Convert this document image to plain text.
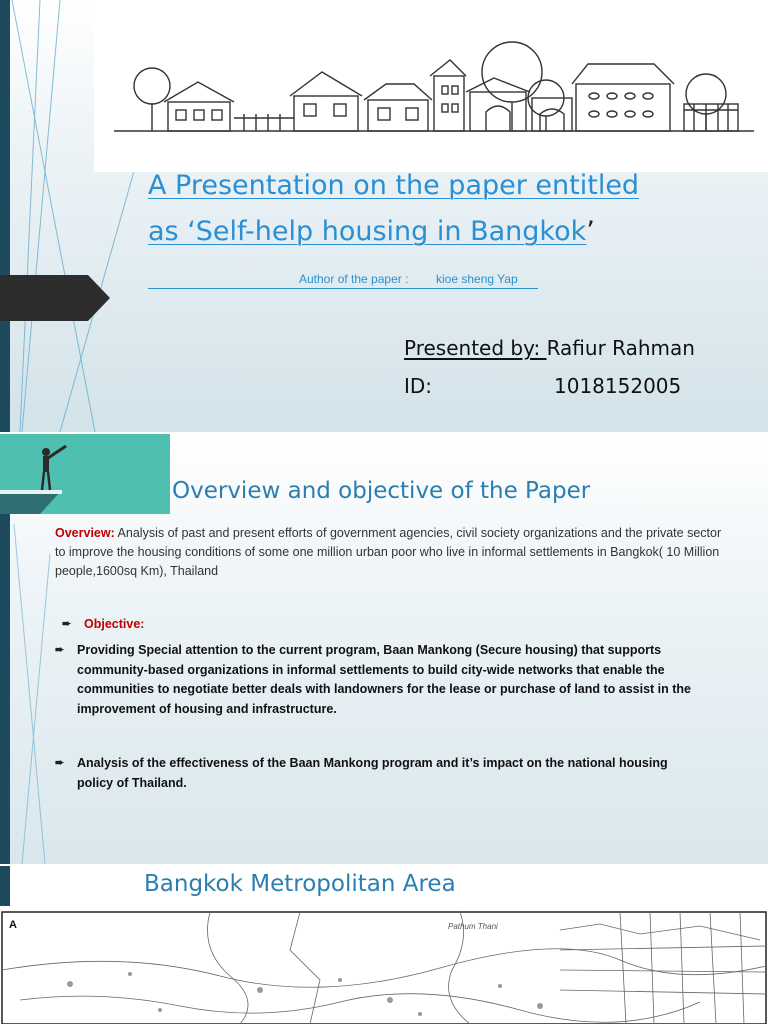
A Presentation on the paper entitled
as ‘Self-help housing in Bangkok’
Author of the paper : kioe sheng Yap
Presented by: Rafiur Rahman
ID:	1018152005
Overview and objective of the Paper
Overview: Analysis of past and present efforts of government agencies, civil society organizations and the private sector to improve the housing conditions of some one million urban poor who live in informal settlements in Bangkok( 10 Million people,1600sq Km), Thailand
➨ Objective:
➨ Providing Special attention to the current program, Baan Mankong (Secure housing) that supports community-based organizations in informal settlements to build city-wide networks that enable the communities to negotiate better deals with landowners for the lease or purchase of land to assist in the improvement of housing and infrastructure.
➨ Analysis of the effectiveness of the Baan Mankong program and it’s impact on the national housing policy of Thailand.
Bangkok Metropolitan Area
A	Pathum Thani
